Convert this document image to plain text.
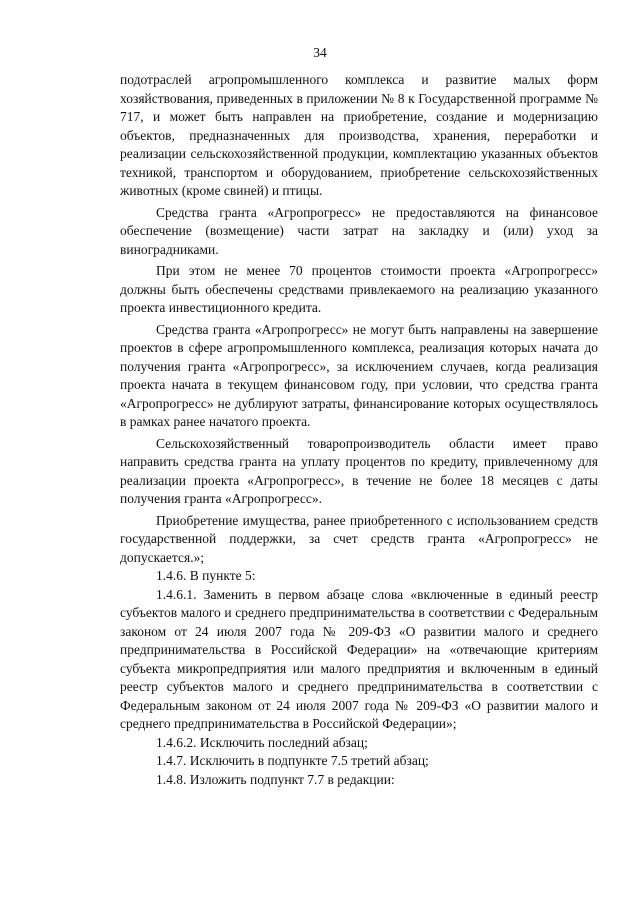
34

подотраслей агропромышленного комплекса и развитие малых форм хозяйствования, приведенных в приложении № 8 к Государственной программе № 717, и может быть направлен на приобретение, создание и модернизацию объектов, предназначенных для производства, хранения, переработки и реализации сельскохозяйственной продукции, комплектацию указанных объектов техникой, транспортом и оборудованием, приобретение сельскохозяйственных животных (кроме свиней) и птицы.

Средства гранта «Агропрогресс» не предоставляются на финансовое обеспечение (возмещение) части затрат на закладку и (или) уход за виноградниками.

При этом не менее 70 процентов стоимости проекта «Агропрогресс» должны быть обеспечены средствами привлекаемого на реализацию указанного проекта инвестиционного кредита.

Средства гранта «Агропрогресс» не могут быть направлены на завершение проектов в сфере агропромышленного комплекса, реализация которых начата до получения гранта «Агропрогресс», за исключением случаев, когда реализация проекта начата в текущем финансовом году, при условии, что средства гранта «Агропрогресс» не дублируют затраты, финансирование которых осуществлялось в рамках ранее начатого проекта.

Сельскохозяйственный товаропроизводитель области имеет право направить средства гранта на уплату процентов по кредиту, привлеченному для реализации проекта «Агропрогресс», в течение не более 18 месяцев с даты получения гранта «Агропрогресс».

Приобретение имущества, ранее приобретенного с использованием средств государственной поддержки, за счет средств гранта «Агропрогресс» не допускается.»;

1.4.6. В пункте 5:

1.4.6.1. Заменить в первом абзаце слова «включенные в единый реестр субъектов малого и среднего предпринимательства в соответствии с Федеральным законом от 24 июля 2007 года № 209-ФЗ «О развитии малого и среднего предпринимательства в Российской Федерации» на «отвечающие критериям субъекта микропредприятия или малого предприятия и включенным в единый реестр субъектов малого и среднего предпринимательства в соответствии с Федеральным законом от 24 июля 2007 года № 209-ФЗ «О развитии малого и среднего предпринимательства в Российской Федерации»;

1.4.6.2. Исключить последний абзац;

1.4.7. Исключить в подпункте 7.5 третий абзац;

1.4.8. Изложить подпункт 7.7 в редакции:
